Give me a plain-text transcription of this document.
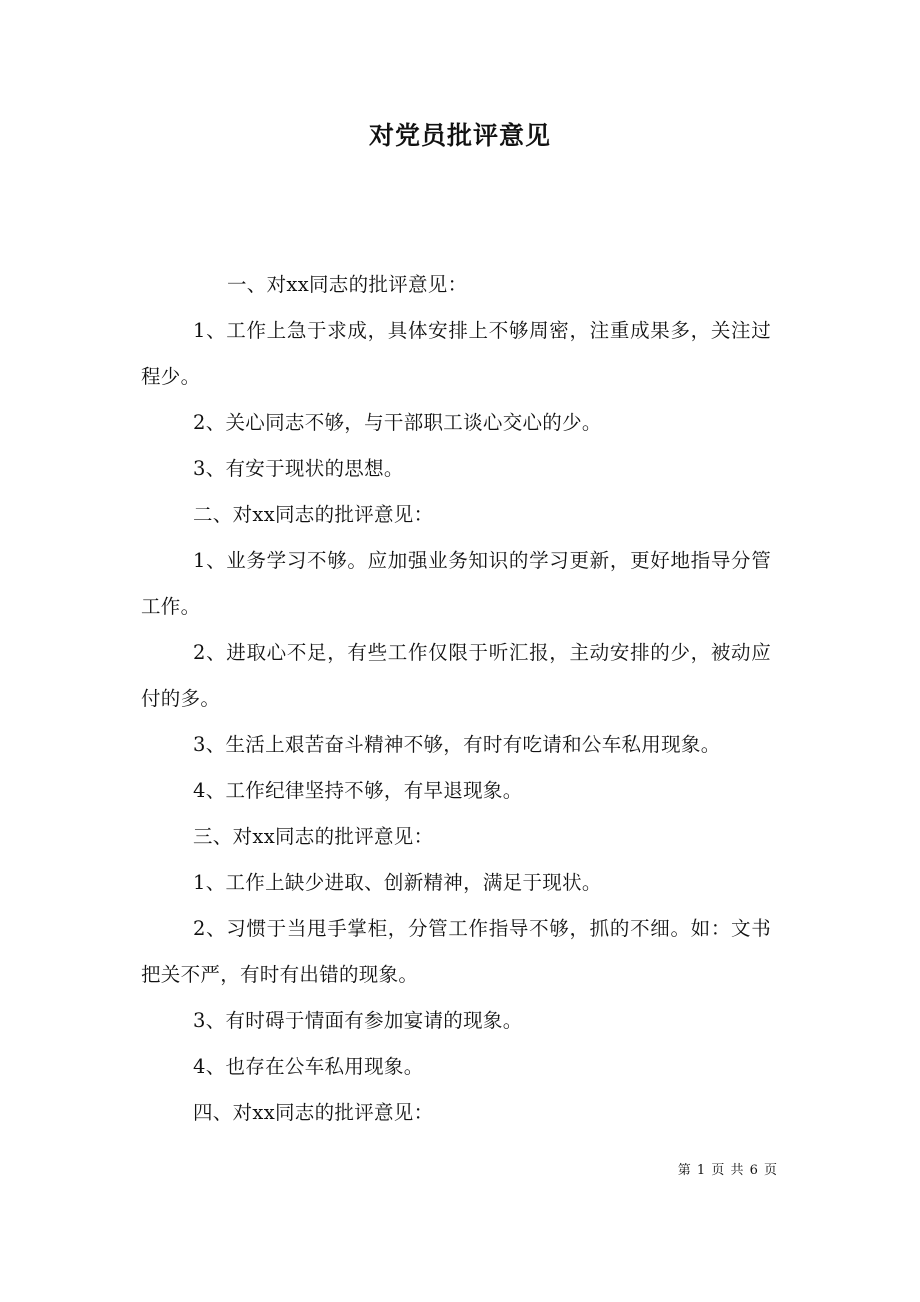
对党员批评意见

一、对xx同志的批评意见：

1、工作上急于求成，具体安排上不够周密，注重成果多，关注过程少。

2、关心同志不够，与干部职工谈心交心的少。

3、有安于现状的思想。

二、对xx同志的批评意见：

1、业务学习不够。应加强业务知识的学习更新，更好地指导分管工作。

2、进取心不足，有些工作仅限于听汇报，主动安排的少，被动应付的多。

3、生活上艰苦奋斗精神不够，有时有吃请和公车私用现象。

4、工作纪律坚持不够，有早退现象。

三、对xx同志的批评意见：

1、工作上缺少进取、创新精神，满足于现状。

2、习惯于当甩手掌柜，分管工作指导不够，抓的不细。如：文书把关不严，有时有出错的现象。

3、有时碍于情面有参加宴请的现象。

4、也存在公车私用现象。

四、对xx同志的批评意见：

第 1 页 共 6 页
